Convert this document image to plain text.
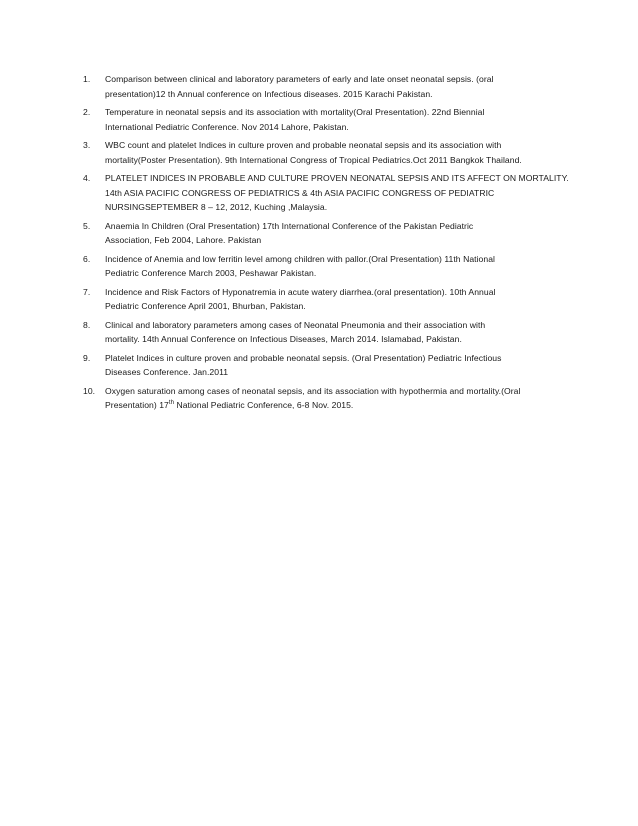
1. Comparison between clinical and laboratory parameters of early and late onset neonatal sepsis. (oral
presentation)12 th Annual conference on Infectious diseases. 2015 Karachi Pakistan.
2. Temperature in neonatal sepsis and its association with mortality(Oral Presentation). 22nd Biennial
International Pediatric Conference. Nov 2014 Lahore, Pakistan.
3. WBC count and platelet Indices in culture proven and probable neonatal sepsis and its association with
mortality(Poster Presentation). 9th International Congress of Tropical Pediatrics.Oct 2011 Bangkok Thailand.
4. PLATELET INDICES IN PROBABLE AND CULTURE PROVEN NEONATAL SEPSIS AND ITS AFFECT ON MORTALITY.
14th ASIA PACIFIC CONGRESS OF PEDIATRICS & 4th ASIA PACIFIC CONGRESS OF PEDIATRIC
NURSINGSEPTEMBER 8 – 12, 2012, Kuching ,Malaysia.
5. Anaemia In Children (Oral Presentation) 17th International Conference of the Pakistan Pediatric
Association, Feb 2004, Lahore. Pakistan
6. Incidence of Anemia and low ferritin level among children with pallor.(Oral Presentation) 11th National
Pediatric Conference March 2003, Peshawar Pakistan.
7. Incidence and Risk Factors of Hyponatremia in acute watery diarrhea.(oral presentation). 10th Annual
Pediatric Conference April 2001, Bhurban, Pakistan.
8. Clinical and laboratory parameters among cases of Neonatal Pneumonia and their association with
mortality. 14th Annual Conference on Infectious Diseases, March 2014. Islamabad, Pakistan.
9. Platelet Indices in culture proven and probable neonatal sepsis. (Oral Presentation) Pediatric Infectious
Diseases Conference. Jan.2011
10. Oxygen saturation among cases of neonatal sepsis, and its association with hypothermia and mortality.(Oral
Presentation) 17th National Pediatric Conference, 6-8 Nov. 2015.
